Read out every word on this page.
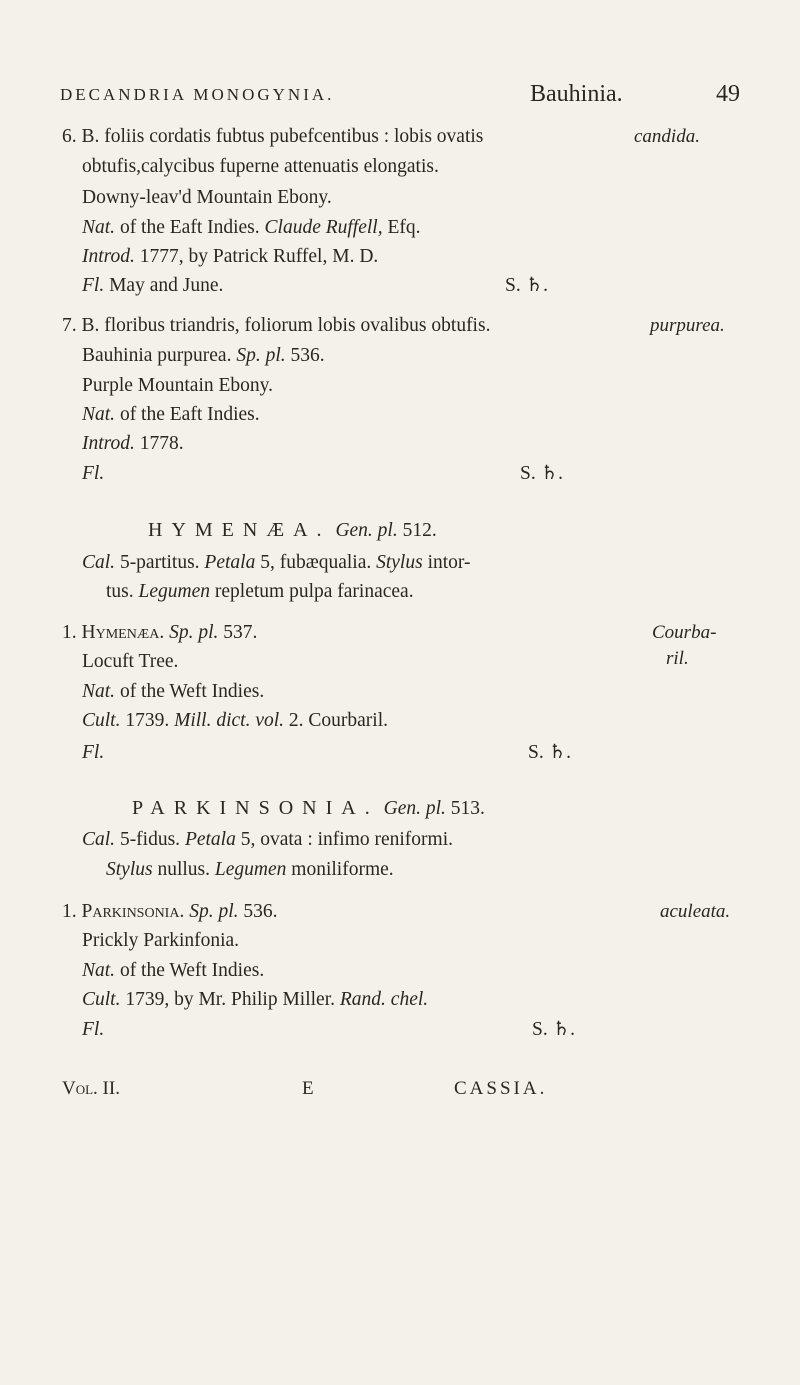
DECANDRIA MONOGYNIA.	Bauhinia.	49
6. B. foliis cordatis fubtus pubefcentibus : lobis ovatis	candida.
obtufis,calycibus fuperne attenuatis elongatis.
Downy-leav'd Mountain Ebony.
Nat. of the Eaft Indies. Claude Ruffell, Efq.
Introd. 1777, by Patrick Ruffel, M. D.
Fl. May and June.	S. ♄.
7. B. floribus triandris, foliorum lobis ovalibus obtufis.	purpurea.
Bauhinia purpurea. Sp. pl. 536.
Purple Mountain Ebony.
Nat. of the Eaft Indies.
Introd. 1778.
Fl.	S. ♄.
HYMENÆA. Gen. pl. 512.
Cal. 5-partitus. Petala 5, fubæqualia. Stylus intor-
tus. Legumen repletum pulpa farinacea.
1. Hymenæa. Sp. pl. 537.	Courba-
ril.
Locuft Tree.
Nat. of the Weft Indies.
Cult. 1739. Mill. dict. vol. 2. Courbaril.
Fl.	S. ♄.
PARKINSONIA. Gen. pl. 513.
Cal. 5-fidus. Petala 5, ovata : infimo reniformi.
Stylus nullus. Legumen moniliforme.
1. Parkinsonia. Sp. pl. 536.	aculeata.
Prickly Parkinfonia.
Nat. of the Weft Indies.
Cult. 1739, by Mr. Philip Miller. Rand. chel.
Fl.	S. ♄.
Vol. II.	E	CASSIA.
